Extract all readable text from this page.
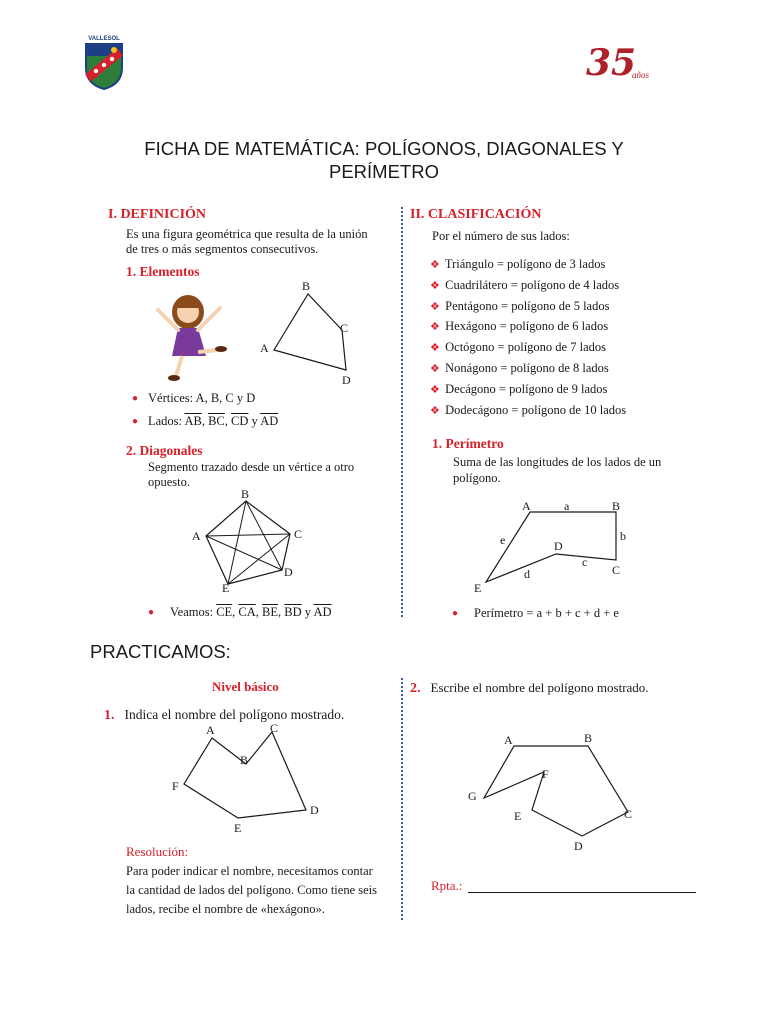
VALLESOL
35
años
FICHA DE MATEMÁTICA: POLÍGONOS, DIAGONALES Y
PERÍMETRO
I. DEFINICIÓN
Es una figura geométrica que resulta de la unión
de tres o más segmentos consecutivos.
1. Elementos
A
B
C
D
● Vértices: A, B, C y D
● Lados: $\overline{AB}$, $\overline{BC}$, $\overline{CD}$ y $\overline{AD}$
2. Diagonales
Segmento trazado desde un vértice a otro
opuesto.
A
B
C
D
E
● Veamos: $\overline{CE}$, $\overline{CA}$, $\overline{BE}$, $\overline{BD}$ y $\overline{AD}$
II. CLASIFICACIÓN
Por el número de sus lados:
❖ Triángulo = polígono de 3 lados
❖ Cuadrilátero = polígono de 4 lados
❖ Pentágono = polígono de 5 lados
❖ Hexágono = polígono de 6 lados
❖ Octógono = polígono de 7 lados
❖ Nonágono = polígono de 8 lados
❖ Decágono = polígono de 9 lados
❖ Dodecágono = polígono de 10 lados
1. Perímetro
Suma de las longitudes de los lados de un
polígono.
A	a	B
b
C
c
D
d
E
e
● Perímetro = a + b + c + d + e
PRACTICAMOS:
Nivel básico
1. Indica el nombre del polígono mostrado.
A	C
B
F
D
E
Resolución:
Para poder indicar el nombre, necesitamos contar
la cantidad de lados del polígono. Como tiene seis
lados, recibe el nombre de «hexágono».
2. Escribe el nombre del polígono mostrado.
A	B
C
D
E
F
G
Rpta.:
